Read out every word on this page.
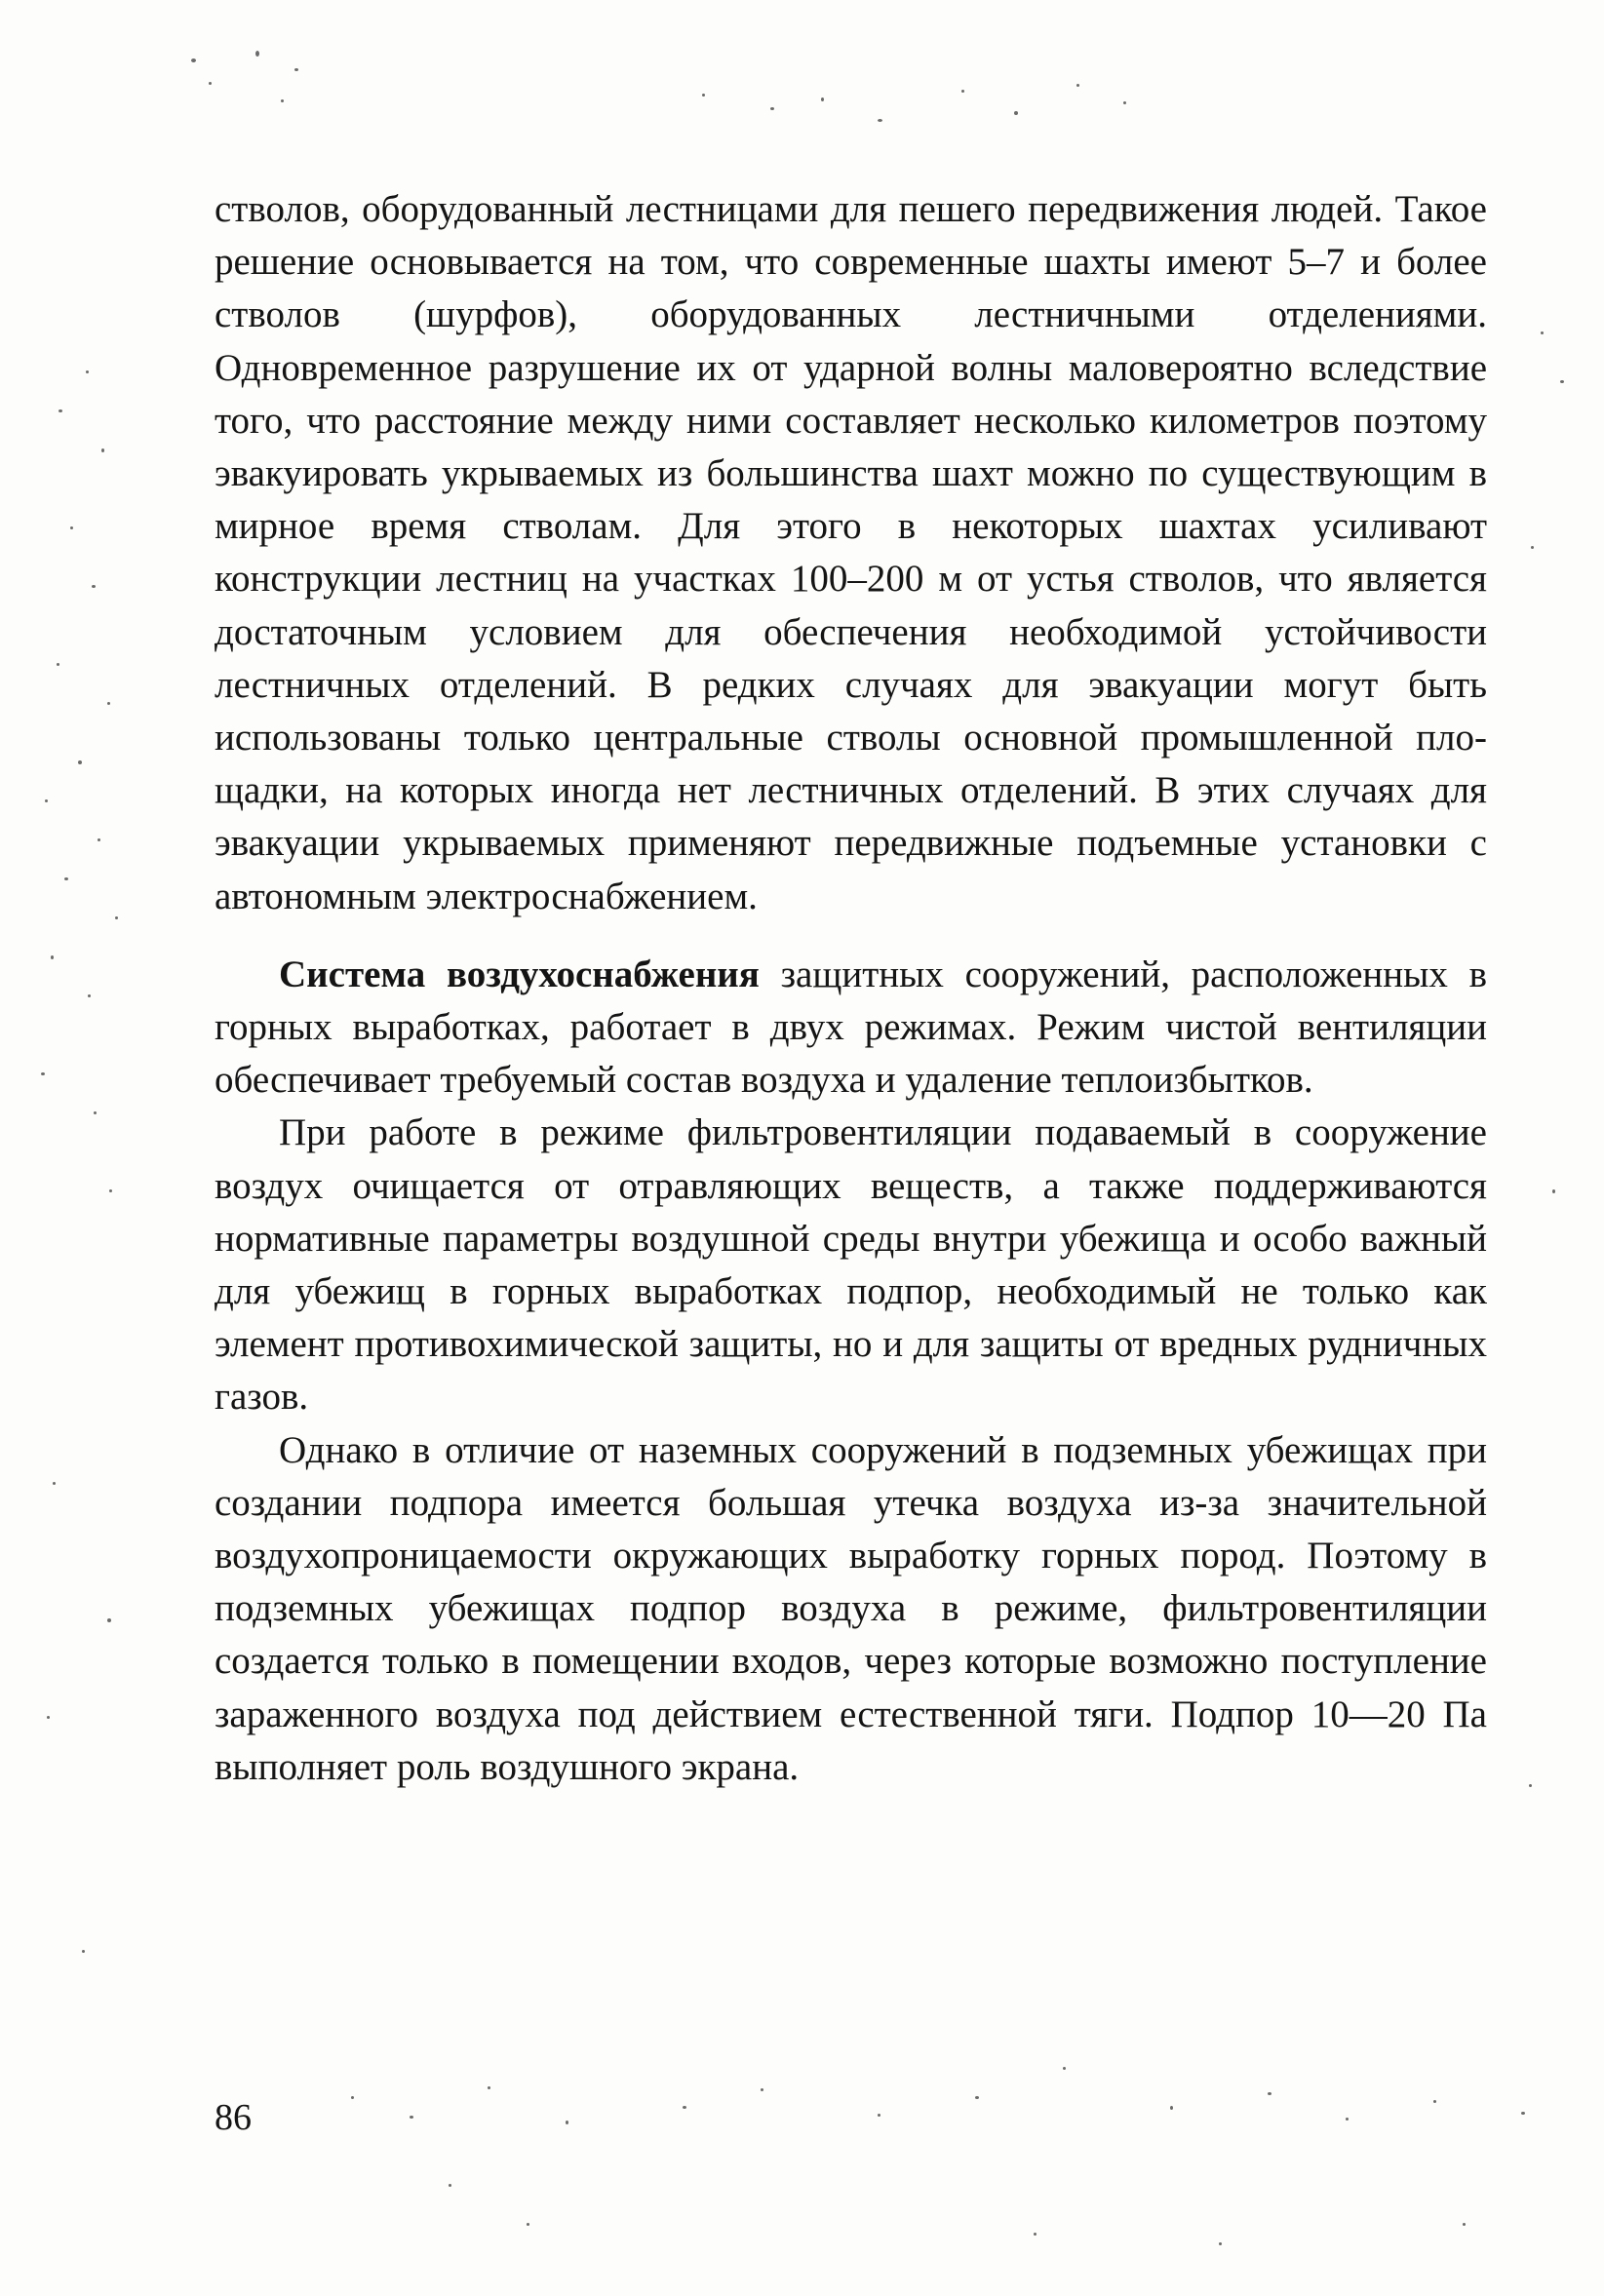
стволов, оборудованный лестницами для пешего передвижения людей. Такое решение основывается на том, что современные шахты имеют 5–7 и более стволов (шурфов), оборудованных лестничными отделениями. Одновременное разрушение их от ударной волны маловероятно вследствие того, что расстояние между ними составляет несколько километров поэтому эвакуировать укрываемых из большинства шахт можно по существующим в мирное время стволам. Для этого в некоторых шахтах усиливают конструкции лестниц на участках 100–200 м от устья стволов, что является достаточным условием для обеспечения необходимой устойчивости лестничных отделений. В редких случаях для эвакуации могут быть использованы только центральные стволы основной промышленной площадки, на которых иногда нет лестничных отделений. В этих случаях для эвакуации укрываемых применяют передвижные подъемные установки с автономным электроснабжением.

Система воздухоснабжения защитных сооружений, расположенных в горных выработках, работает в двух режимах. Режим чистой вентиляции обеспечивает требуемый состав воздуха и удаление теплоизбытков.

При работе в режиме фильтровентиляции подаваемый в сооружение воздух очищается от отравляющих веществ, а также поддерживаются нормативные параметры воздушной среды внутри убежища и особо важный для убежищ в горных выработках подпор, необходимый не только как элемент противохимической защиты, но и для защиты от вредных рудничных газов.

Однако в отличие от наземных сооружений в подземных убежищах при создании подпора имеется большая утечка воздуха из-за значительной воздухопроницаемости окружающих выработку горных пород. Поэтому в подземных убежищах подпор воздуха в режиме, фильтровентиляции создается только в помещении входов, через которые возможно поступление зараженного воздуха под действием естественной тяги. Подпор 10—20 Па выполняет роль воздушного экрана.

86
